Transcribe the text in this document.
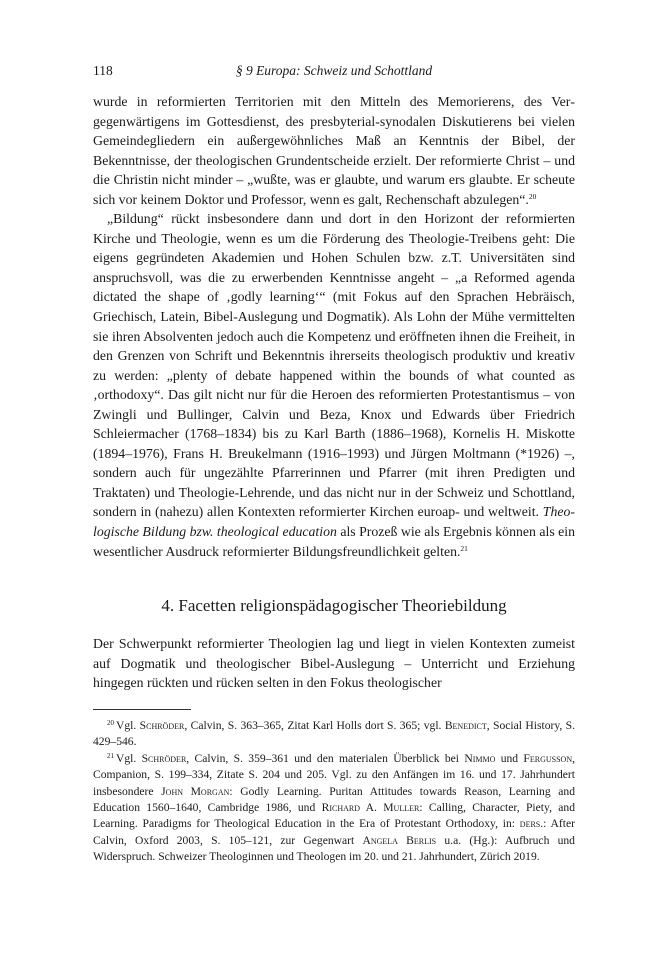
118	§ 9 Europa: Schweiz und Schottland

wurde in reformierten Territorien mit den Mitteln des Memorierens, des Vergegenwärtigens im Gottesdienst, des presbyterial-synodalen Diskutierens bei vielen Gemeindegliedern ein außergewöhnliches Maß an Kenntnis der Bibel, der Bekenntnisse, der theologischen Grundentscheide erzielt. Der reformierte Christ – und die Christin nicht minder – „wußte, was er glaubte, und warum ers glaubte. Er scheute sich vor keinem Doktor und Professor, wenn es galt, Rechenschaft abzulegen“.$^{20}$

„Bildung“ rückt insbesondere dann und dort in den Horizont der reformierten Kirche und Theologie, wenn es um die Förderung des Theologie-Treibens geht: Die eigens gegründeten Akademien und Hohen Schulen bzw. z.T. Universitäten sind anspruchsvoll, was die zu erwerbenden Kenntnisse angeht – „a Reformed agenda dictated the shape of ‚godly learning‘“ (mit Fokus auf den Sprachen Hebräisch, Griechisch, Latein, Bibel-Auslegung und Dogmatik). Als Lohn der Mühe vermittelten sie ihren Absolventen jedoch auch die Kompetenz und eröffneten ihnen die Freiheit, in den Grenzen von Schrift und Bekenntnis ihrerseits theologisch produktiv und kreativ zu werden: „plenty of debate happened within the bounds of what counted as ‚orthodoxy“. Das gilt nicht nur für die Heroen des reformierten Protestantismus – von Zwingli und Bullinger, Calvin und Beza, Knox und Edwards über Friedrich Schleiermacher (1768–1834) bis zu Karl Barth (1886–1968), Kornelis H. Miskotte (1894–1976), Frans H. Breukelmann (1916–1993) und Jürgen Moltmann (*1926) –, sondern auch für ungezählte Pfarrerinnen und Pfarrer (mit ihren Predigten und Traktaten) und Theologie-Lehrende, und das nicht nur in der Schweiz und Schottland, sondern in (nahezu) allen Kontexten reformierter Kirchen euroap- und weltweit. Theologische Bildung bzw. theological education als Prozeß wie als Ergebnis können als ein wesentlicher Ausdruck reformierter Bildungsfreundlichkeit gelten.$^{21}$

4. Facetten religionspädagogischer Theoriebildung

Der Schwerpunkt reformierter Theologien lag und liegt in vielen Kontexten zumeist auf Dogmatik und theologischer Bibel-Auslegung – Unterricht und Erziehung hingegen rückten und rücken selten in den Fokus theologischer

$^{20}$ Vgl. Schröder, Calvin, S. 363–365, Zitat Karl Holls dort S. 365; vgl. Benedict, Social History, S. 429–546.

$^{21}$ Vgl. Schröder, Calvin, S. 359–361 und den materialen Überblick bei Nimmo und Fergusson, Companion, S. 199–334, Zitate S. 204 und 205. Vgl. zu den Anfängen im 16. und 17. Jahrhundert insbesondere John Morgan: Godly Learning. Puritan Attitudes towards Reason, Learning and Education 1560–1640, Cambridge 1986, und Richard A. Muller: Calling, Character, Piety, and Learning. Paradigms for Theological Education in the Era of Protestant Orthodoxy, in: ders.: After Calvin, Oxford 2003, S. 105–121, zur Gegenwart Angela Berlis u.a. (Hg.): Aufbruch und Widerspruch. Schweizer Theologinnen und Theologen im 20. und 21. Jahrhundert, Zürich 2019.
